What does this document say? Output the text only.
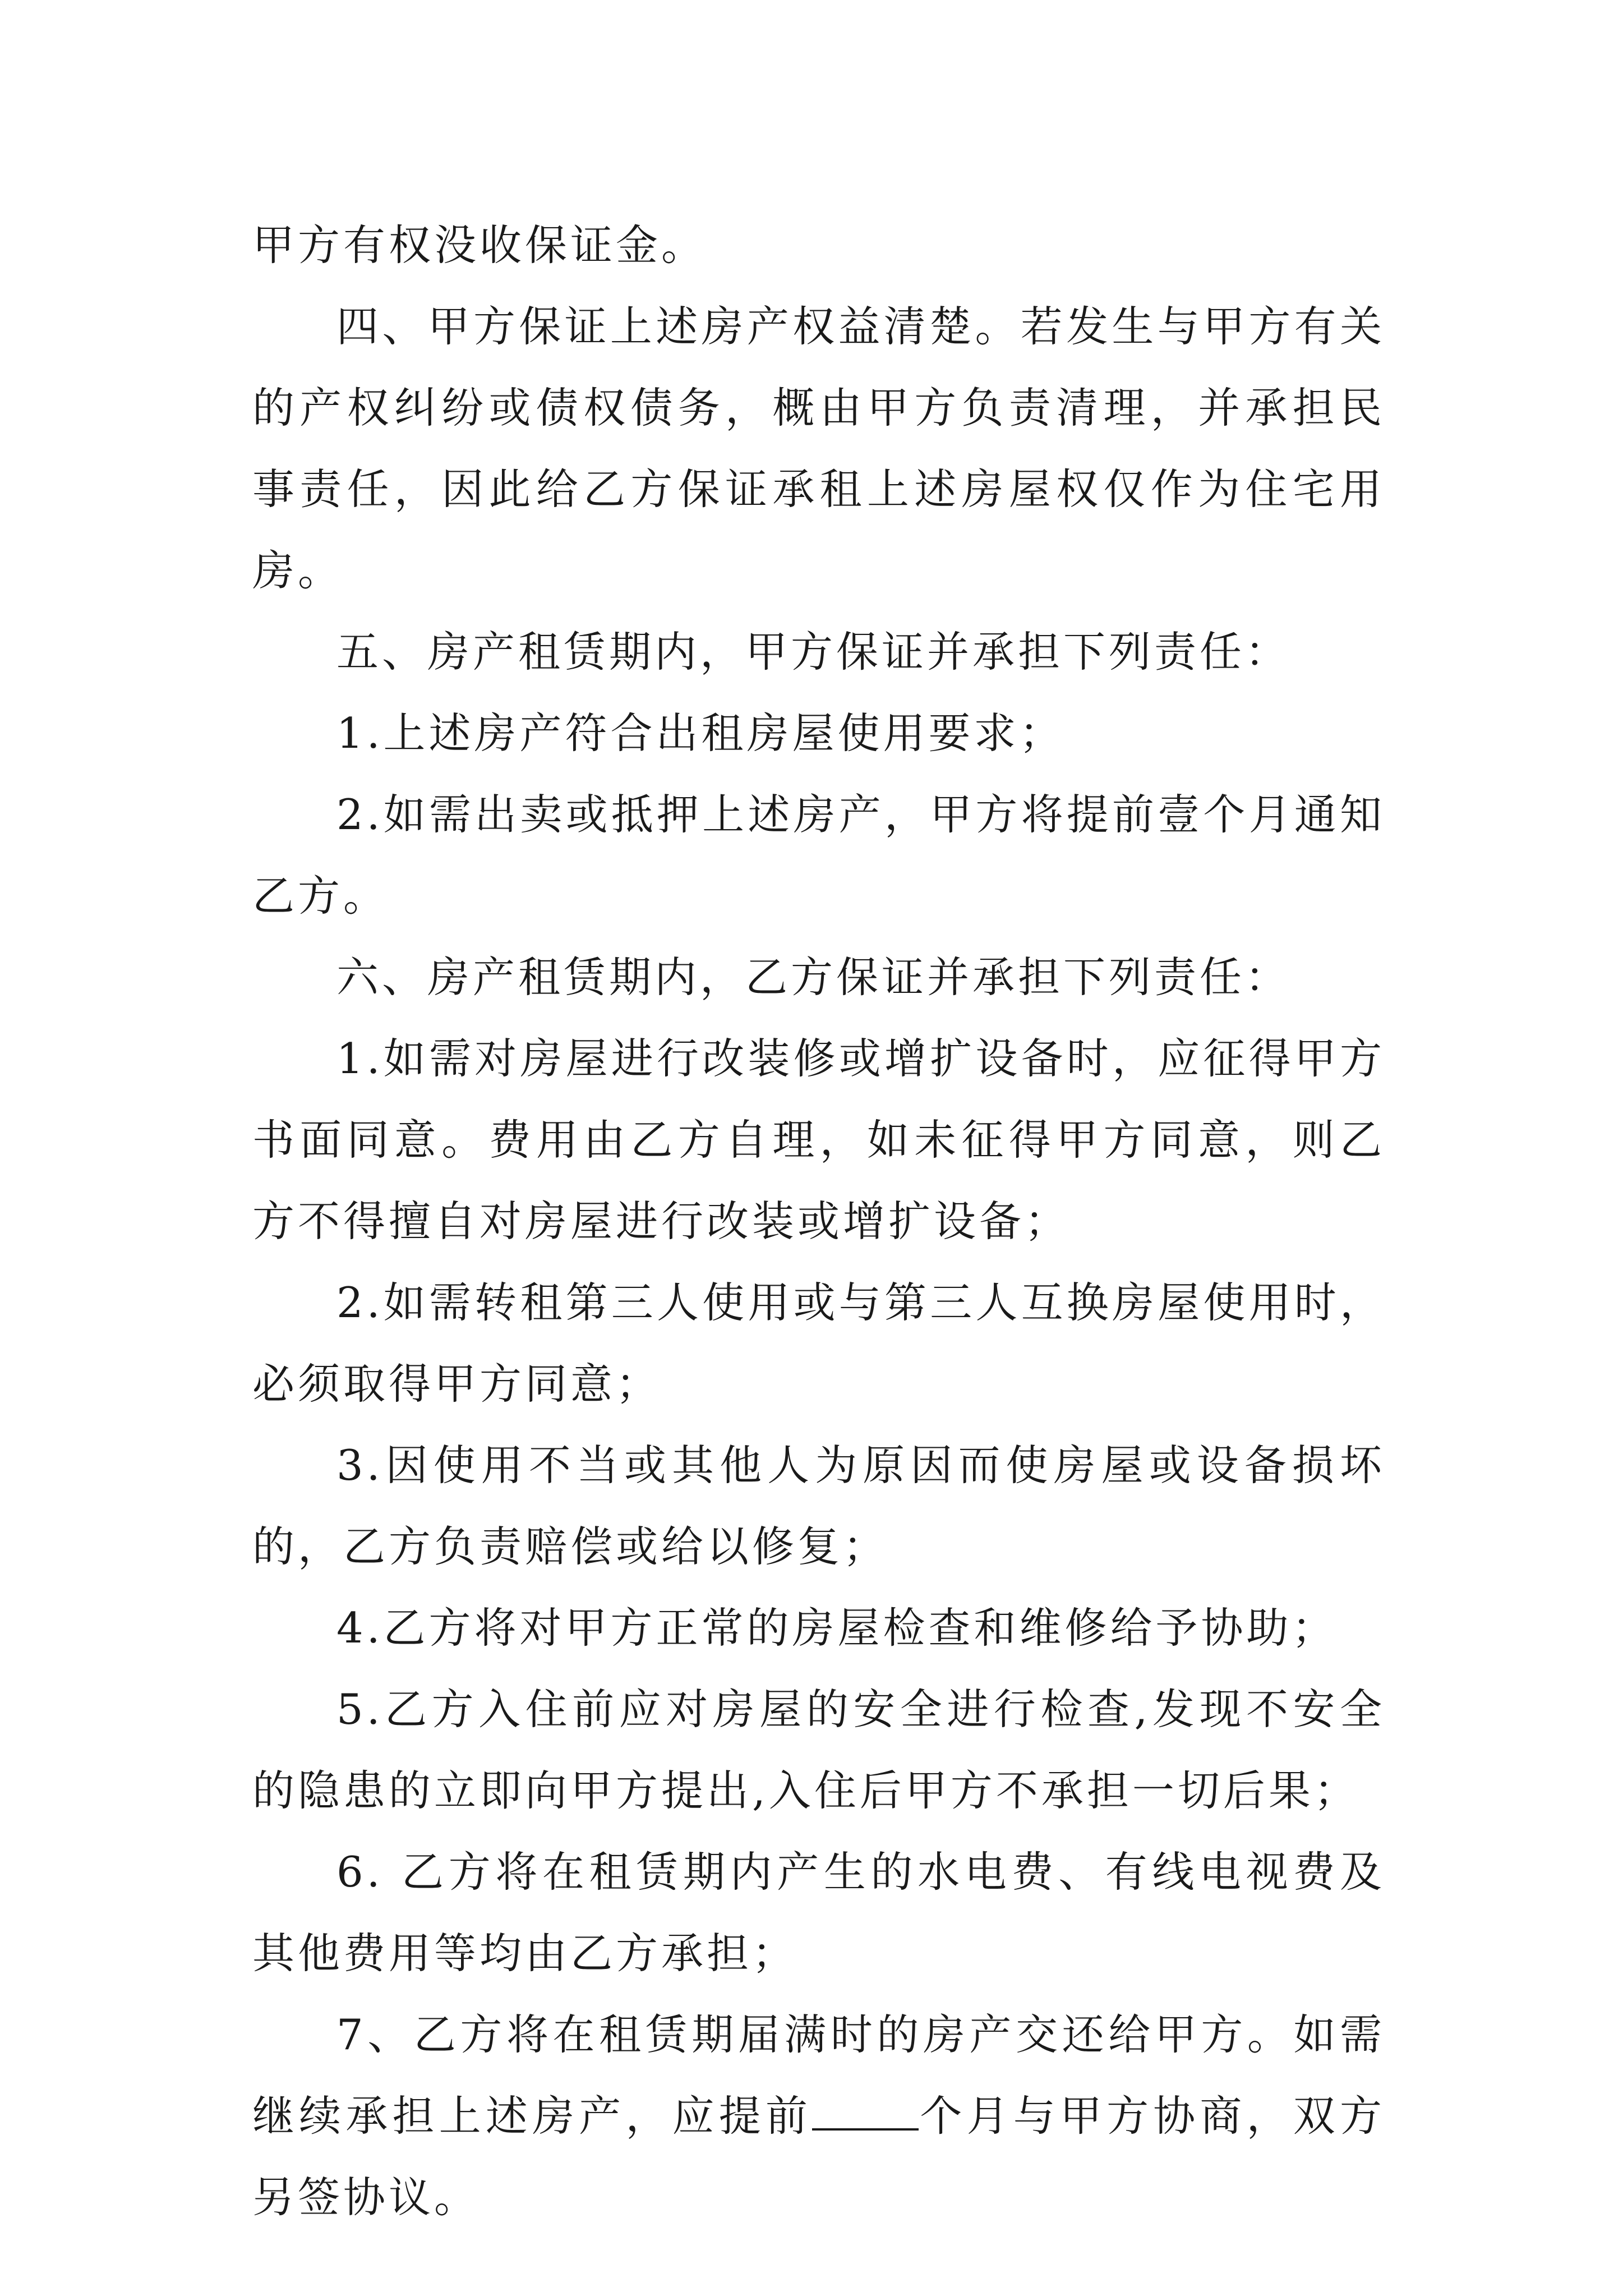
甲方有权没收保证金。

四、甲方保证上述房产权益清楚。若发生与甲方有关的产权纠纷或债权债务，概由甲方负责清理，并承担民事责任，因此给乙方保证承租上述房屋权仅作为住宅用房。

五、房产租赁期内，甲方保证并承担下列责任：

1.上述房产符合出租房屋使用要求；

2.如需出卖或抵押上述房产，甲方将提前壹个月通知乙方。

六、房产租赁期内，乙方保证并承担下列责任：

1.如需对房屋进行改装修或增扩设备时，应征得甲方书面同意。费用由乙方自理，如未征得甲方同意，则乙方不得擅自对房屋进行改装或增扩设备；

2.如需转租第三人使用或与第三人互换房屋使用时，必须取得甲方同意；

3.因使用不当或其他人为原因而使房屋或设备损坏的，乙方负责赔偿或给以修复；

4.乙方将对甲方正常的房屋检查和维修给予协助；

5.乙方入住前应对房屋的安全进行检查,发现不安全的隐患的立即向甲方提出,入住后甲方不承担一切后果；

6. 乙方将在租赁期内产生的水电费、有线电视费及其他费用等均由乙方承担；

7、乙方将在租赁期届满时的房产交还给甲方。如需继续承担上述房产，应提前	个月与甲方协商，双方另签协议。
